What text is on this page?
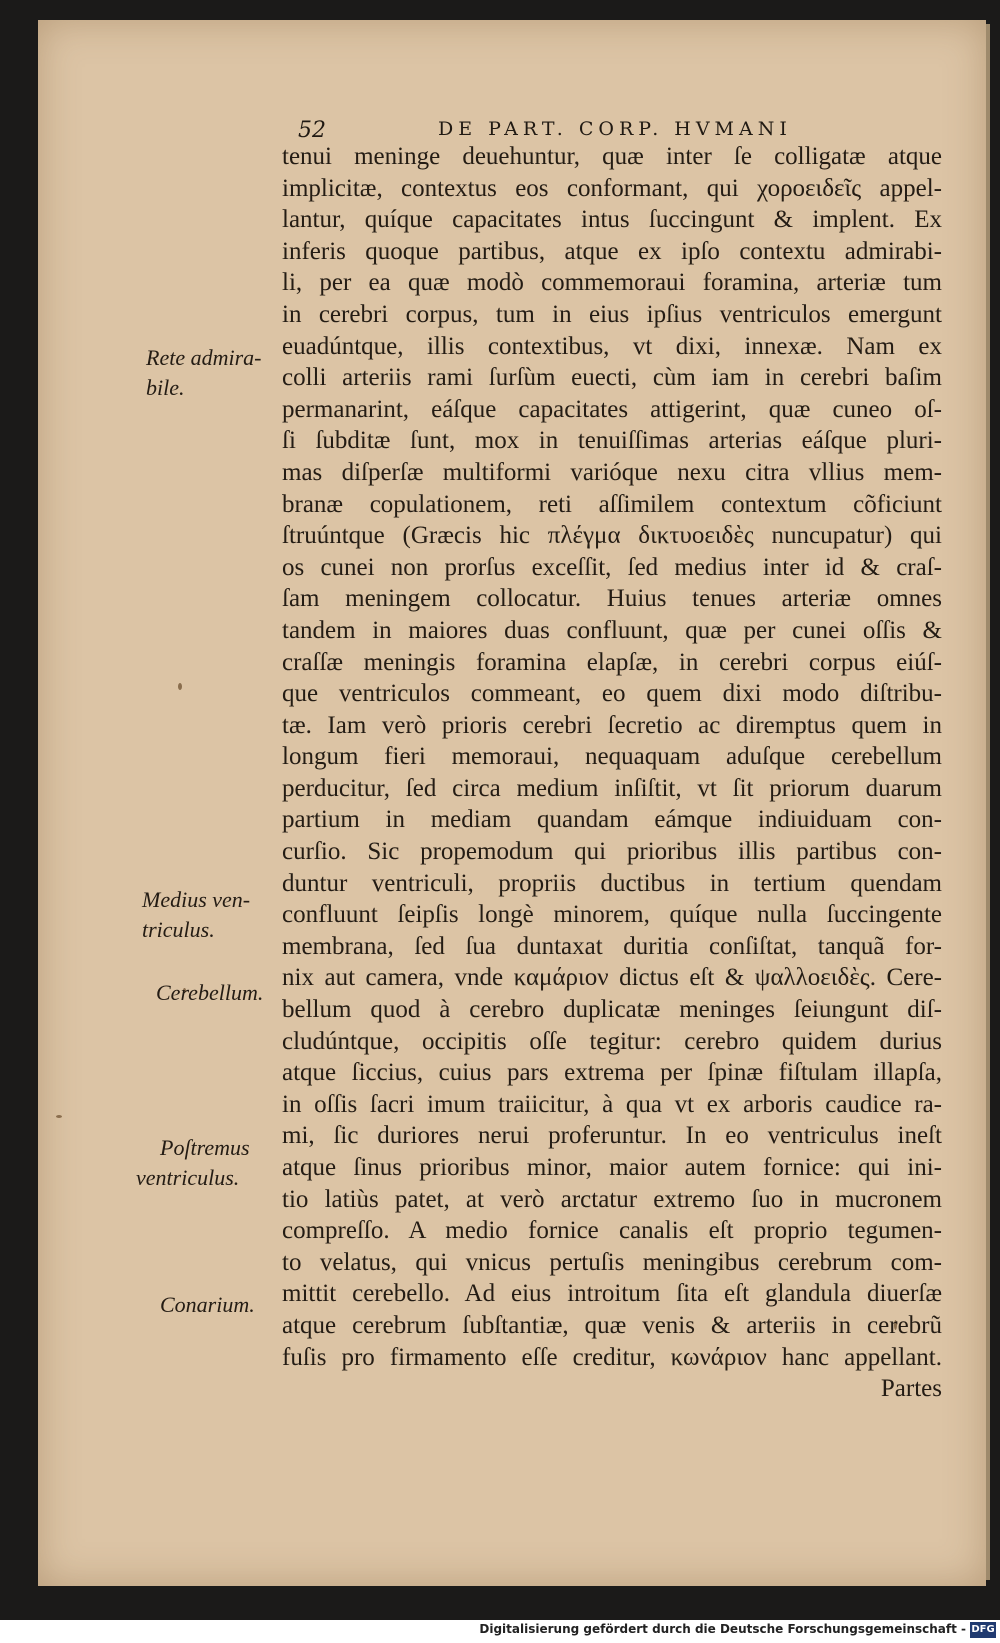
52	DE PART. CORP. HVMANI
tenui meninge deuehuntur, quæ inter ſe colligatæ atque
implicitæ, contextus eos conformant, qui χοροειδεῖς appel-
lantur, quíque capacitates intus ſuccingunt & implent. Ex
inferis quoque partibus, atque ex ipſo contextu admirabi-
li, per ea quæ modò commemoraui foramina, arteriæ tum
in cerebri corpus, tum in eius ipſius ventriculos emergunt
euadúntque, illis contextibus, vt dixi, innexæ. Nam ex
colli arteriis rami ſurſùm euecti, cùm iam in cerebri baſim
permanarint, eáſque capacitates attigerint, quæ cuneo oſ-
ſi ſubditæ ſunt, mox in tenuiſſimas arterias eáſque pluri-
mas diſperſæ multiformi varióque nexu citra vllius mem-
branæ copulationem, reti aſſimilem contextum cõficiunt
ſtruúntque (Græcis hic πλέγμα δικτυοειδὲς nuncupatur) qui
os cunei non prorſus exceſſit, ſed medius inter id & craſ-
ſam meningem collocatur. Huius tenues arteriæ omnes
tandem in maiores duas confluunt, quæ per cunei oſſis &
craſſæ meningis foramina elapſæ, in cerebri corpus eiúſ-
que ventriculos commeant, eo quem dixi modo diſtribu-
tæ. Iam verò prioris cerebri ſecretio ac diremptus quem in
longum fieri memoraui, nequaquam aduſque cerebellum
perducitur, ſed circa medium inſiſtit, vt ſit priorum duarum
partium in mediam quandam eámque indiuiduam con-
curſio. Sic propemodum qui prioribus illis partibus con-
duntur ventriculi, propriis ductibus in tertium quendam
confluunt ſeipſis longè minorem, quíque nulla ſuccingente
membrana, ſed ſua duntaxat duritia conſiſtat, tanquã for-
nix aut camera, vnde καμάριον dictus eſt & ψαλλοειδὲς. Cere-
bellum quod à cerebro duplicatæ meninges ſeiungunt diſ-
cludúntque, occipitis oſſe tegitur: cerebro quidem durius
atque ſiccius, cuius pars extrema per ſpinæ fiſtulam illapſa,
in oſſis ſacri imum traiicitur, à qua vt ex arboris caudice ra-
mi, ſic duriores nerui proferuntur. In eo ventriculus ineſt
atque ſinus prioribus minor, maior autem fornice: qui ini-
tio latiùs patet, at verò arctatur extremo ſuo in mucronem
compreſſo. A medio fornice canalis eſt proprio tegumen-
to velatus, qui vnicus pertuſis meningibus cerebrum com-
mittit cerebello. Ad eius introitum ſita eſt glandula diuerſæ
atque cerebrum ſubſtantiæ, quæ venis & arteriis in cerebrũ
fuſis pro firmamento eſſe creditur, κωνάριον hanc appellant.
Partes
Rete admira-
bile.
Medius ven-
triculus.
Cerebellum.
Poſtremus
ventriculus.
Conarium.
Digitalisierung gefördert durch die Deutsche Forschungsgemeinschaft - DFG
